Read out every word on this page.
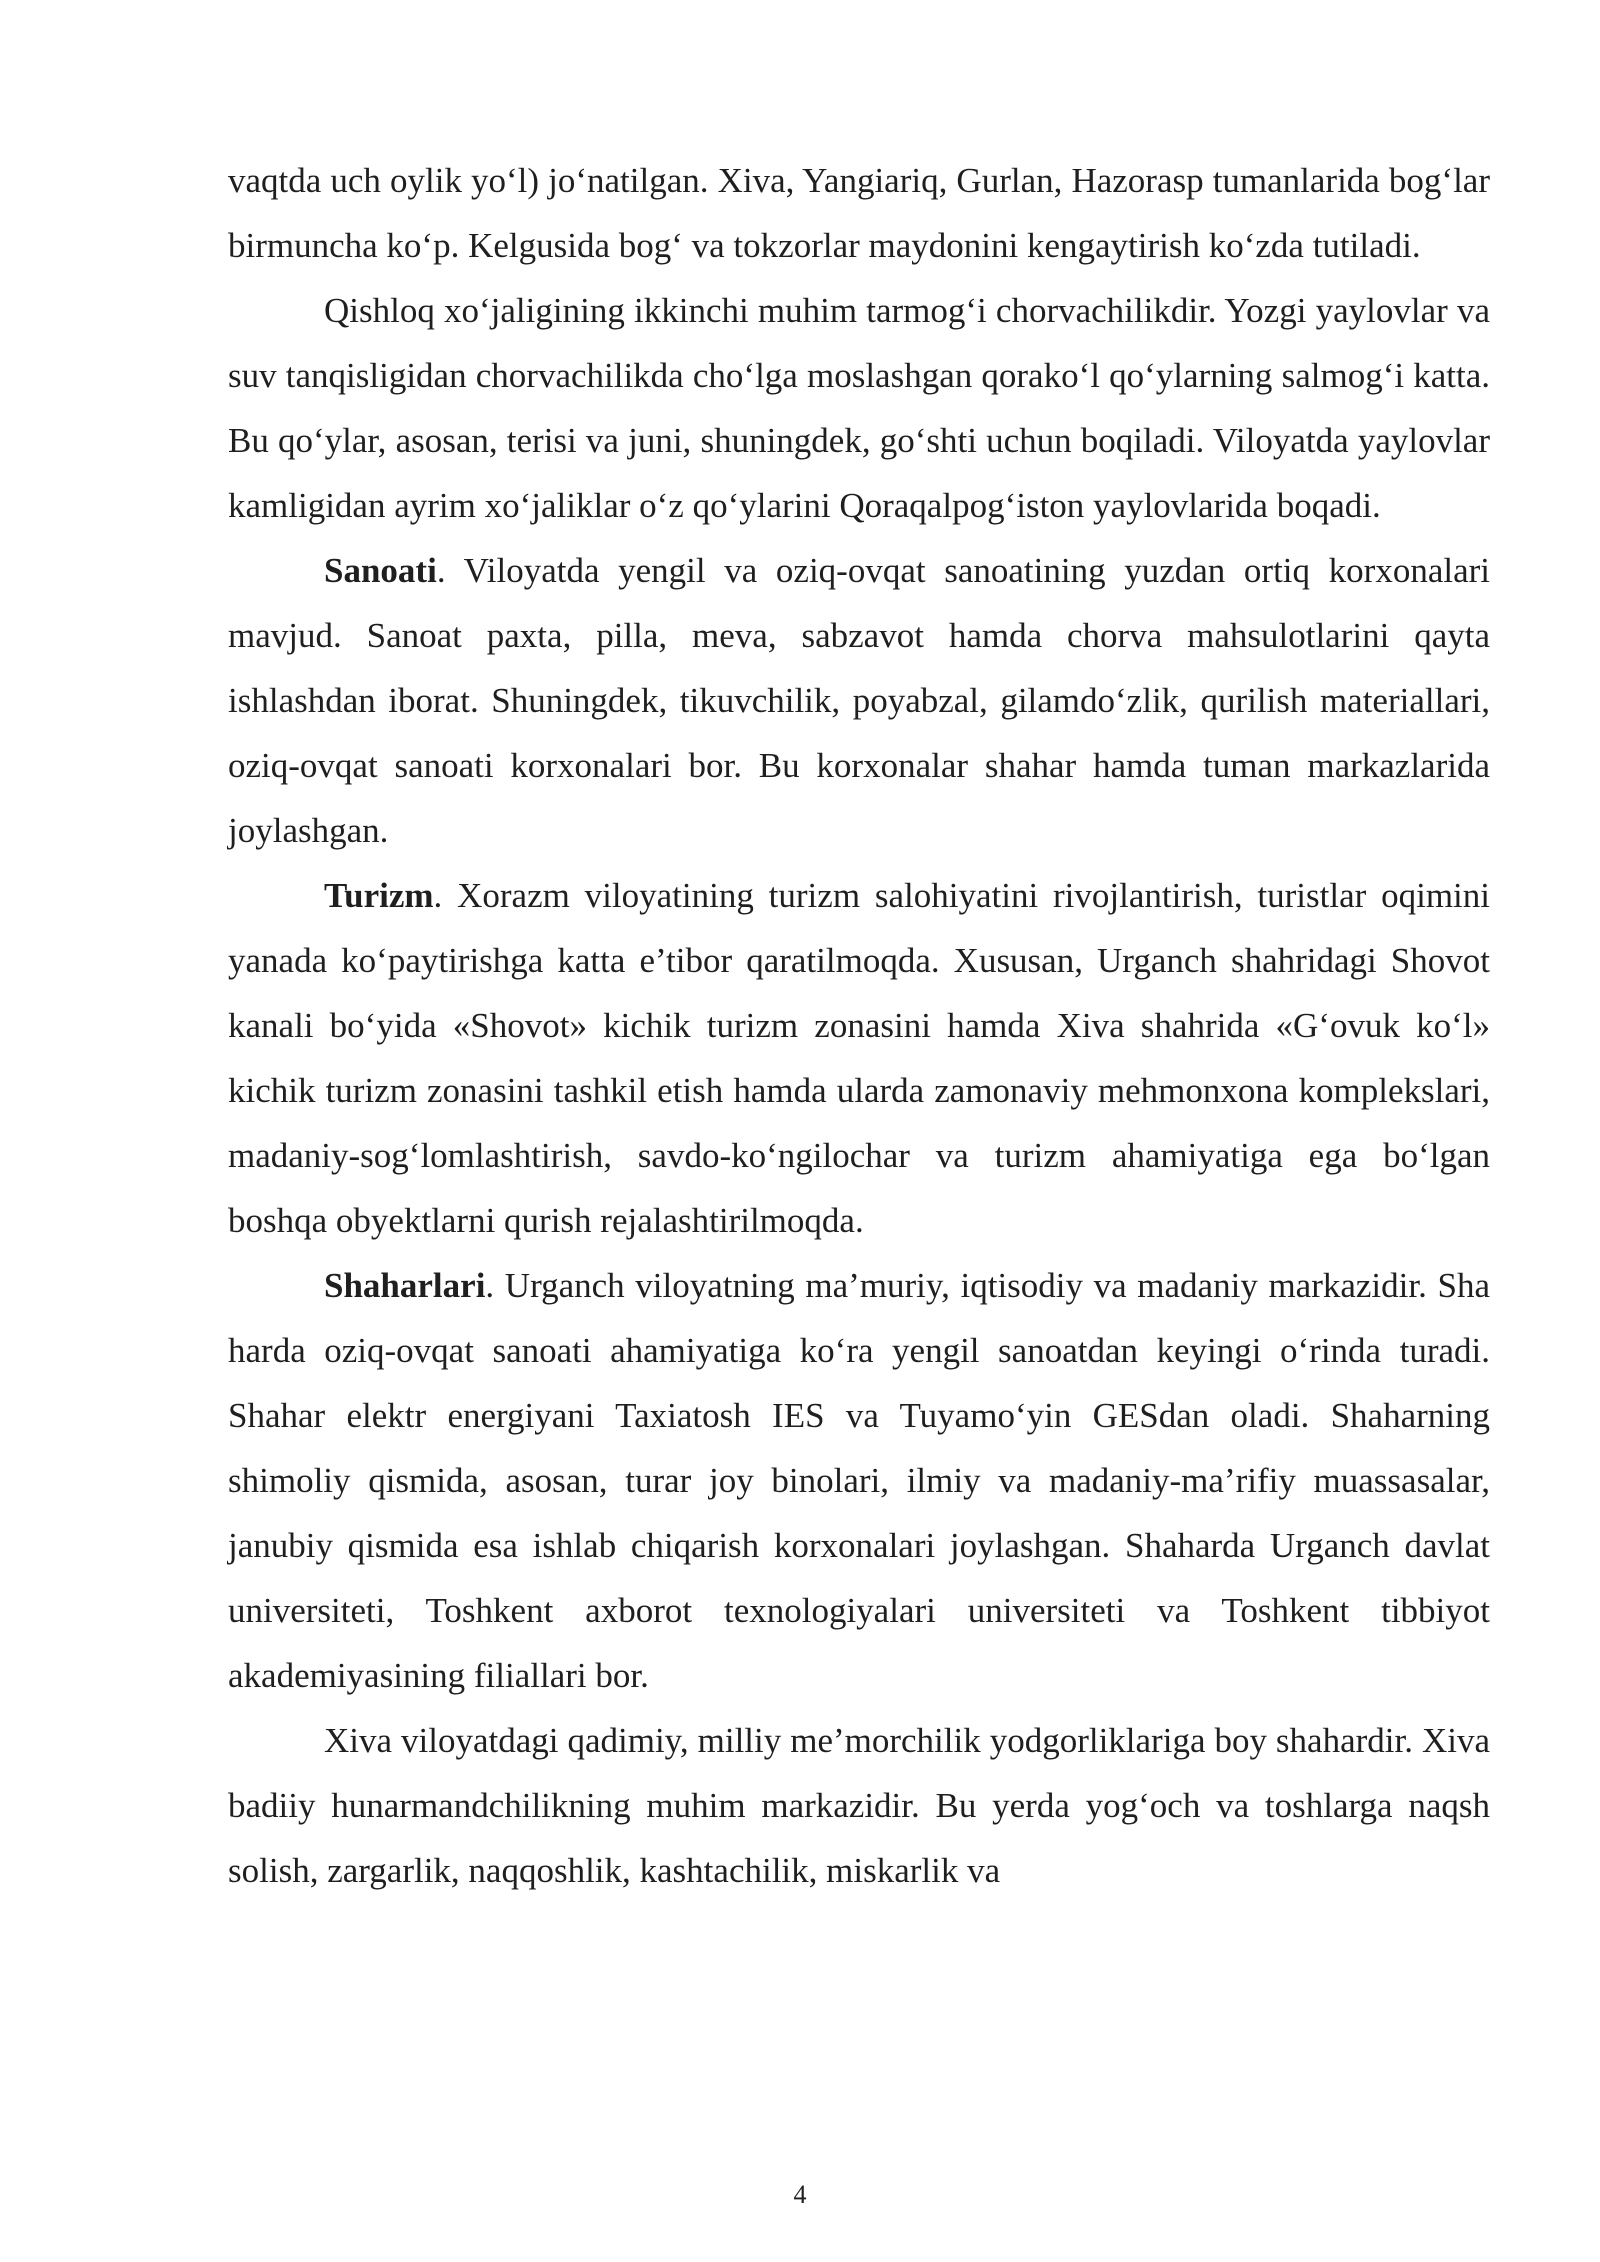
vaqtda uch oylik yo‘l) jo‘natilgan. Xiva, Yangiariq, Gurlan, Hazorasp tumanlarida bog‘lar birmuncha ko‘p. Kelgusida bog‘ va tokzorlar maydonini kengaytirish ko‘zda tutiladi.

Qishloq xo‘jaligining ikkinchi muhim tarmog‘i chorvachilikdir. Yozgi yaylovlar va suv tanqisligidan chorvachilikda cho‘lga moslashgan qorako‘l qo‘ylarning salmog‘i katta. Bu qo‘ylar, asosan, terisi va juni, shuningdek, go‘shti uchun boqiladi. Viloyatda yaylovlar kamligidan ayrim xo‘jaliklar o‘z qo‘ylarini Qoraqalpog‘iston yaylovlarida boqadi.

Sanoati. Viloyatda yengil va oziq-ovqat sanoatining yuzdan ortiq korxonalari mavjud. Sanoat paxta, pilla, meva, sabzavot hamda chorva mahsulotlarini qayta ishlashdan iborat. Shuningdek, tikuvchilik, poyabzal, gilamdo‘zlik, qurilish materiallari, oziq-ovqat sanoati korxonalari bor. Bu korxonalar shahar hamda tuman markazlarida joylashgan.

Turizm. Xorazm viloyatining turizm salohiyatini rivojlantirish, turistlar oqimini yanada ko‘paytirishga katta e’tibor qaratilmoqda. Xususan, Urganch shahridagi Shovot kanali bo‘yida «Shovot» kichik turizm zonasini hamda Xiva shahrida «G‘ovuk ko‘l» kichik turizm zonasini tashkil etish hamda ularda zamonaviy mehmonxona komplekslari, madaniy-sog‘lomlashtirish, savdo-ko‘ngilochar va turizm ahamiyatiga ega bo‘lgan boshqa obyektlarni qurish rejalashtirilmoqda.

Shaharlari. Urganch viloyatning ma’muriy, iqtisodiy va madaniy markazidir. Sha harda oziq-ovqat sanoati ahamiyatiga ko‘ra yengil sanoatdan keyingi o‘rinda turadi. Shahar elektr energiyani Taxiatosh IES va Tuyamo‘yin GESdan oladi. Shaharning shimoliy qismida, asosan, turar joy binolari, ilmiy va madaniy-ma’rifiy muassasalar, janubiy qismida esa ishlab chiqarish korxonalari joylashgan. Shaharda Urganch davlat universiteti, Toshkent axborot texnologiyalari universiteti va Toshkent tibbiyot akademiyasining filiallari bor.

Xiva viloyatdagi qadimiy, milliy me’morchilik yodgorliklariga boy shahardir. Xiva badiiy hunarmandchilikning muhim markazidir. Bu yerda yog‘och va toshlarga naqsh solish, zargarlik, naqqoshlik, kashtachilik, miskarlik va

4
